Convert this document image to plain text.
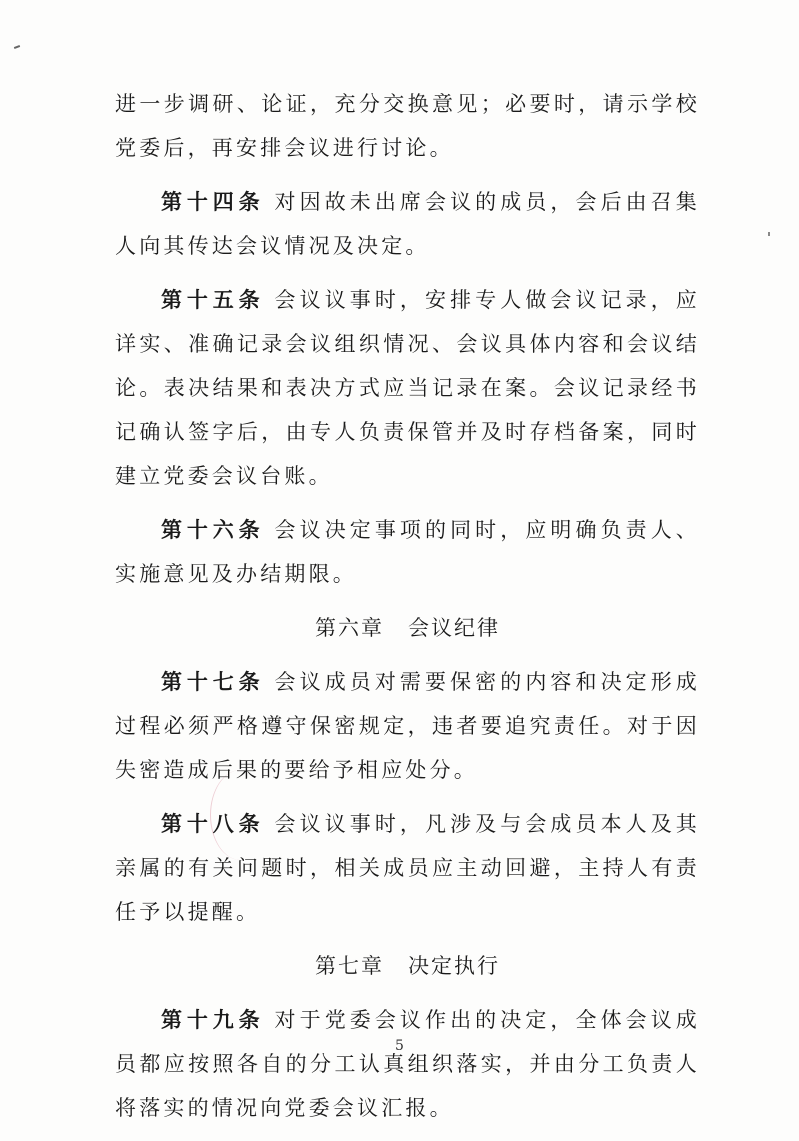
进一步调研、论证，充分交换意见；必要时，请示学校党委后，再安排会议进行讨论。

第十四条 对因故未出席会议的成员，会后由召集人向其传达会议情况及决定。

第十五条 会议议事时，安排专人做会议记录，应详实、准确记录会议组织情况、会议具体内容和会议结论。表决结果和表决方式应当记录在案。会议记录经书记确认签字后，由专人负责保管并及时存档备案，同时建立党委会议台账。

第十六条 会议决定事项的同时，应明确负责人、实施意见及办结期限。

第六章 会议纪律

第十七条 会议成员对需要保密的内容和决定形成过程必须严格遵守保密规定，违者要追究责任。对于因失密造成后果的要给予相应处分。

第十八条 会议议事时，凡涉及与会成员本人及其亲属的有关问题时，相关成员应主动回避，主持人有责任予以提醒。

第七章 决定执行

第十九条 对于党委会议作出的决定，全体会议成员都应按照各自的分工认真组织落实，并由分工负责人将落实的情况向党委会议汇报。

5
